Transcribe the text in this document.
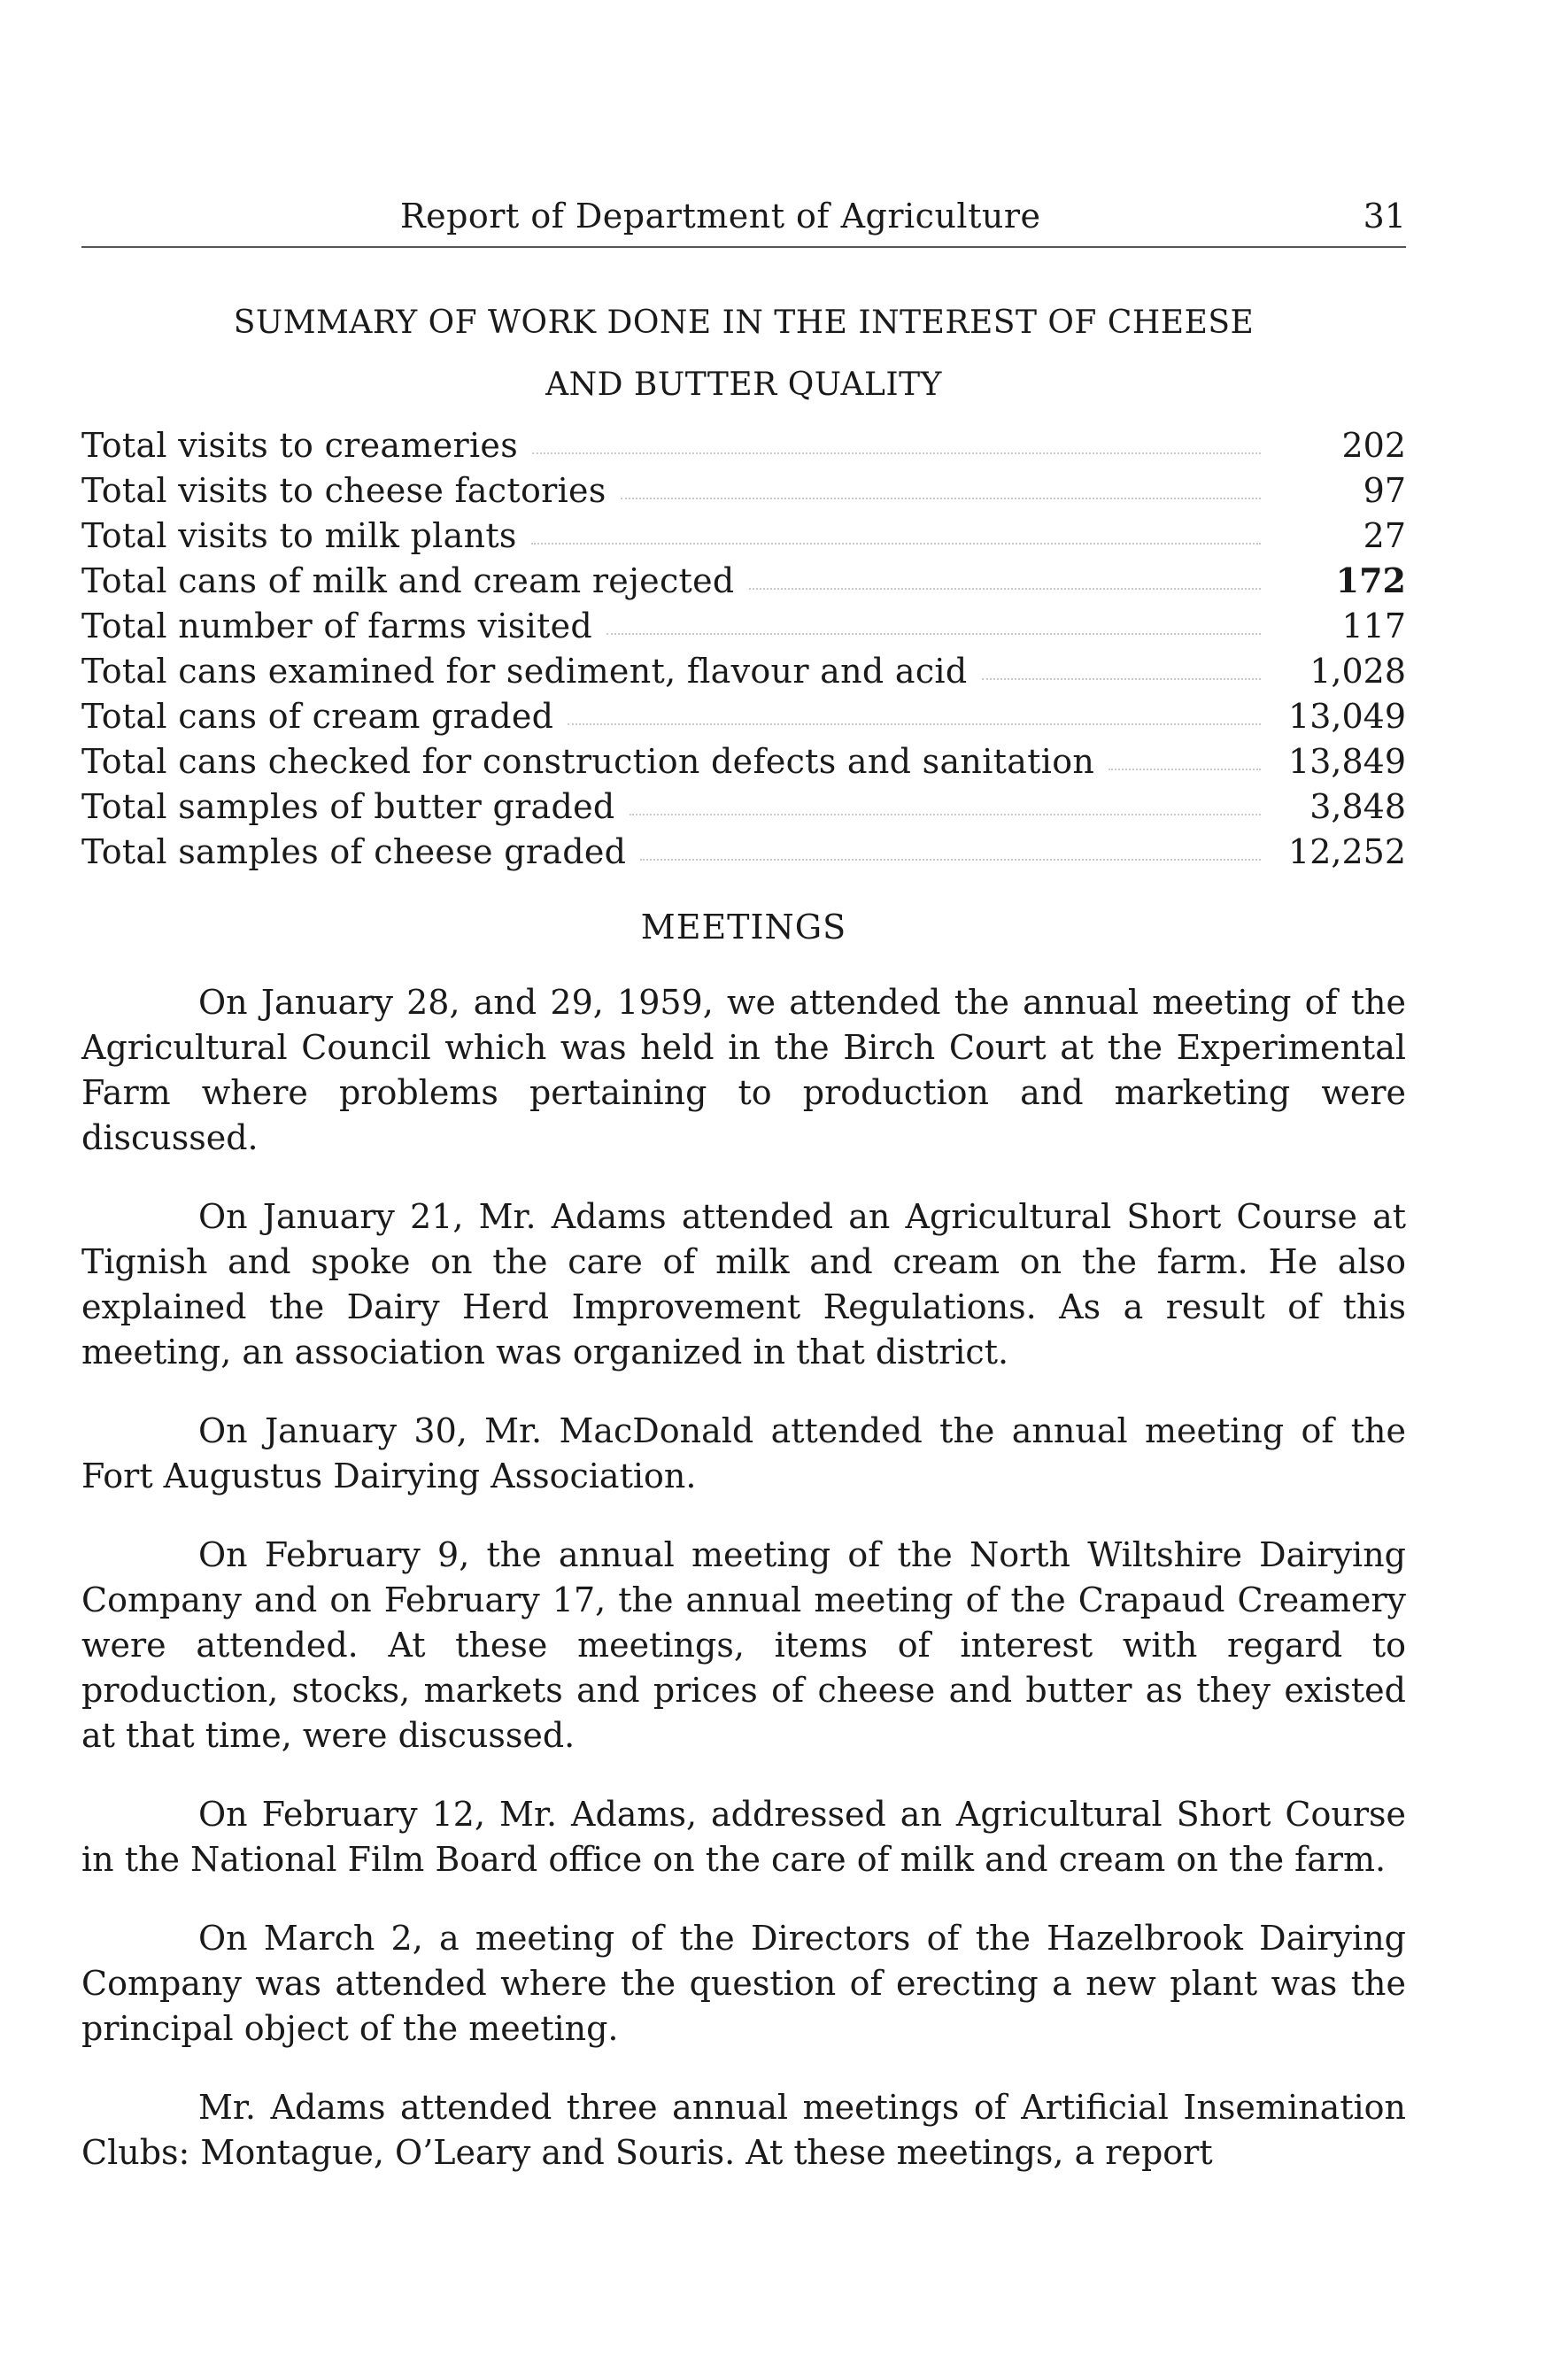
Report of Department of Agriculture	31
SUMMARY OF WORK DONE IN THE INTEREST OF CHEESE
AND BUTTER QUALITY
Total visits to creameries	202
Total visits to cheese factories	97
Total visits to milk plants	27
Total cans of milk and cream rejected	172
Total number of farms visited	117
Total cans examined for sediment, flavour and acid	1,028
Total cans of cream graded	13,049
Total cans checked for construction defects and sanitation	13,849
Total samples of butter graded	3,848
Total samples of cheese graded	12,252
MEETINGS

On January 28, and 29, 1959, we attended the annual meeting of the Agricultural Council which was held in the Birch Court at the Experimental Farm where problems pertaining to production and marketing were discussed.

On January 21, Mr. Adams attended an Agricultural Short Course at Tignish and spoke on the care of milk and cream on the farm. He also explained the Dairy Herd Improvement Regulations. As a result of this meeting, an association was organized in that district.

On January 30, Mr. MacDonald attended the annual meeting of the Fort Augustus Dairying Association.

On February 9, the annual meeting of the North Wiltshire Dairying Company and on February 17, the annual meeting of the Crapaud Creamery were attended. At these meetings, items of interest with regard to production, stocks, markets and prices of cheese and butter as they existed at that time, were discussed.

On February 12, Mr. Adams, addressed an Agricultural Short Course in the National Film Board office on the care of milk and cream on the farm.

On March 2, a meeting of the Directors of the Hazelbrook Dairying Company was attended where the question of erecting a new plant was the principal object of the meeting.

Mr. Adams attended three annual meetings of Artificial Insemination Clubs: Montague, O’Leary and Souris. At these meetings, a report
